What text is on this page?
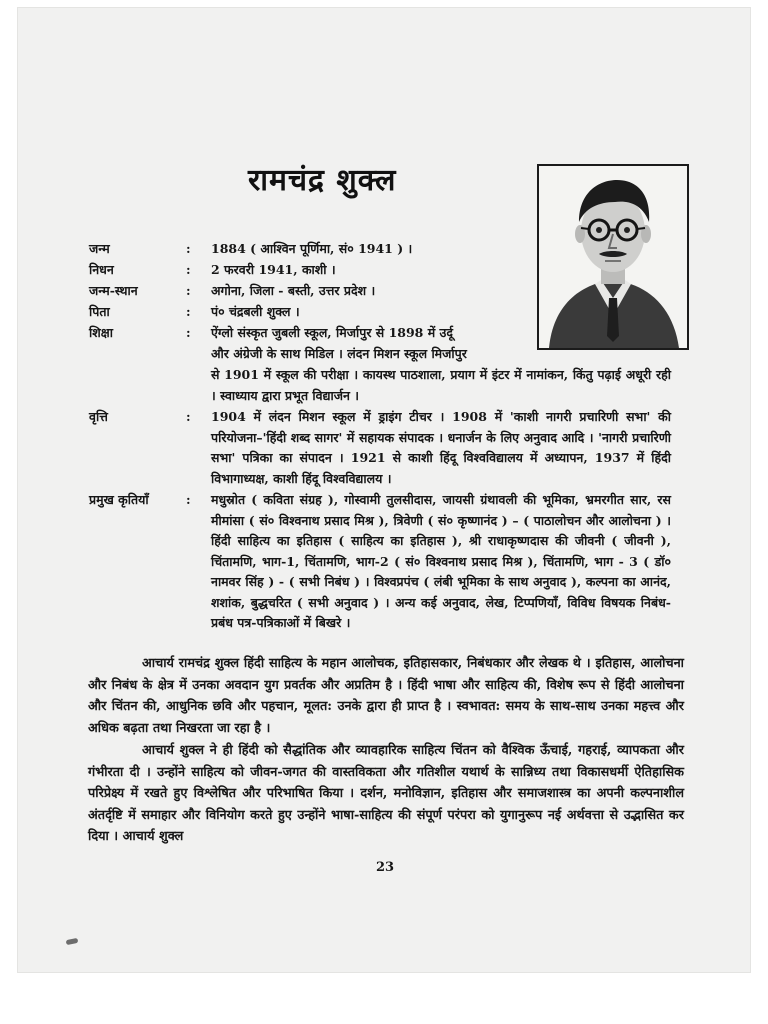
रामचंद्र शुक्ल
जन्म	:	1884 ( आश्विन पूर्णिमा, सं० 1941 ) ।
निधन	:	2 फरवरी 1941, काशी ।
जन्म-स्थान	:	अगोना, जिला - बस्ती, उत्तर प्रदेश ।
पिता	:	पं० चंद्रबली शुक्ल ।
शिक्षा	:	ऐंग्लो संस्कृत जुबली स्कूल, मिर्जापुर से 1898 में उर्दू
और अंग्रेजी के साथ मिडिल । लंदन मिशन स्कूल मिर्जापुर
से 1901 में स्कूल की परीक्षा । कायस्थ पाठशाला, प्रयाग में इंटर में नामांकन, किंतु पढ़ाई अधूरी रही । स्वाध्याय द्वारा प्रभूत विद्यार्जन ।
वृत्ति	:	1904 में लंदन मिशन स्कूल में ड्राइंग टीचर । 1908 में 'काशी नागरी प्रचारिणी सभा' की परियोजना–'हिंदी शब्द सागर' में सहायक संपादक । धनार्जन के लिए अनुवाद आदि । 'नागरी प्रचारिणी सभा' पत्रिका का संपादन । 1921 से काशी हिंदू विश्वविद्यालय में अध्यापन, 1937 में हिंदी विभागाध्यक्ष, काशी हिंदू विश्वविद्यालय ।
प्रमुख कृतियाँ	:	मधुस्रोत ( कविता संग्रह ), गोस्वामी तुलसीदास, जायसी ग्रंथावली की भूमिका, भ्रमरगीत सार, रस मीमांसा ( सं० विश्वनाथ प्रसाद मिश्र ), त्रिवेणी ( सं० कृष्णानंद ) – ( पाठालोचन और आलोचना ) । हिंदी साहित्य का इतिहास ( साहित्य का इतिहास ), श्री राधाकृष्णदास की जीवनी ( जीवनी ), चिंतामणि, भाग-1, चिंतामणि, भाग-2 ( सं० विश्वनाथ प्रसाद मिश्र ), चिंतामणि, भाग - 3 ( डॉ० नामवर सिंह ) - ( सभी निबंध ) । विश्वप्रपंच ( लंबी भूमिका के साथ अनुवाद ), कल्पना का आनंद, शशांक, बुद्धचरित ( सभी अनुवाद ) । अन्य कई अनुवाद, लेख, टिप्पणियाँ, विविध विषयक निबंध-प्रबंध पत्र-पत्रिकाओं में बिखरे ।

आचार्य रामचंद्र शुक्ल हिंदी साहित्य के महान आलोचक, इतिहासकार, निबंधकार और लेखक थे । इतिहास, आलोचना और निबंध के क्षेत्र में उनका अवदान युग प्रवर्तक और अप्रतिम है । हिंदी भाषा और साहित्य की, विशेष रूप से हिंदी आलोचना और चिंतन की, आधुनिक छवि और पहचान, मूलत: उनके द्वारा ही प्राप्त है । स्वभावत: समय के साथ-साथ उनका महत्त्व और अधिक बढ़ता तथा निखरता जा रहा है ।

आचार्य शुक्ल ने ही हिंदी को सैद्धांतिक और व्यावहारिक साहित्य चिंतन को वैश्विक ऊँचाई, गहराई, व्यापकता और गंभीरता दी । उन्होंने साहित्य को जीवन-जगत की वास्तविकता और गतिशील यथार्थ के सान्निध्य तथा विकासधर्मी ऐतिहासिक परिप्रेक्ष्य में रखते हुए विश्लेषित और परिभाषित किया । दर्शन, मनोविज्ञान, इतिहास और समाजशास्त्र का अपनी कल्पनाशील अंतर्दृष्टि में समाहार और विनियोग करते हुए उन्होंने भाषा-साहित्य की संपूर्ण परंपरा को युगानुरूप नई अर्थवत्ता से उद्भासित कर दिया । आचार्य शुक्ल

23
